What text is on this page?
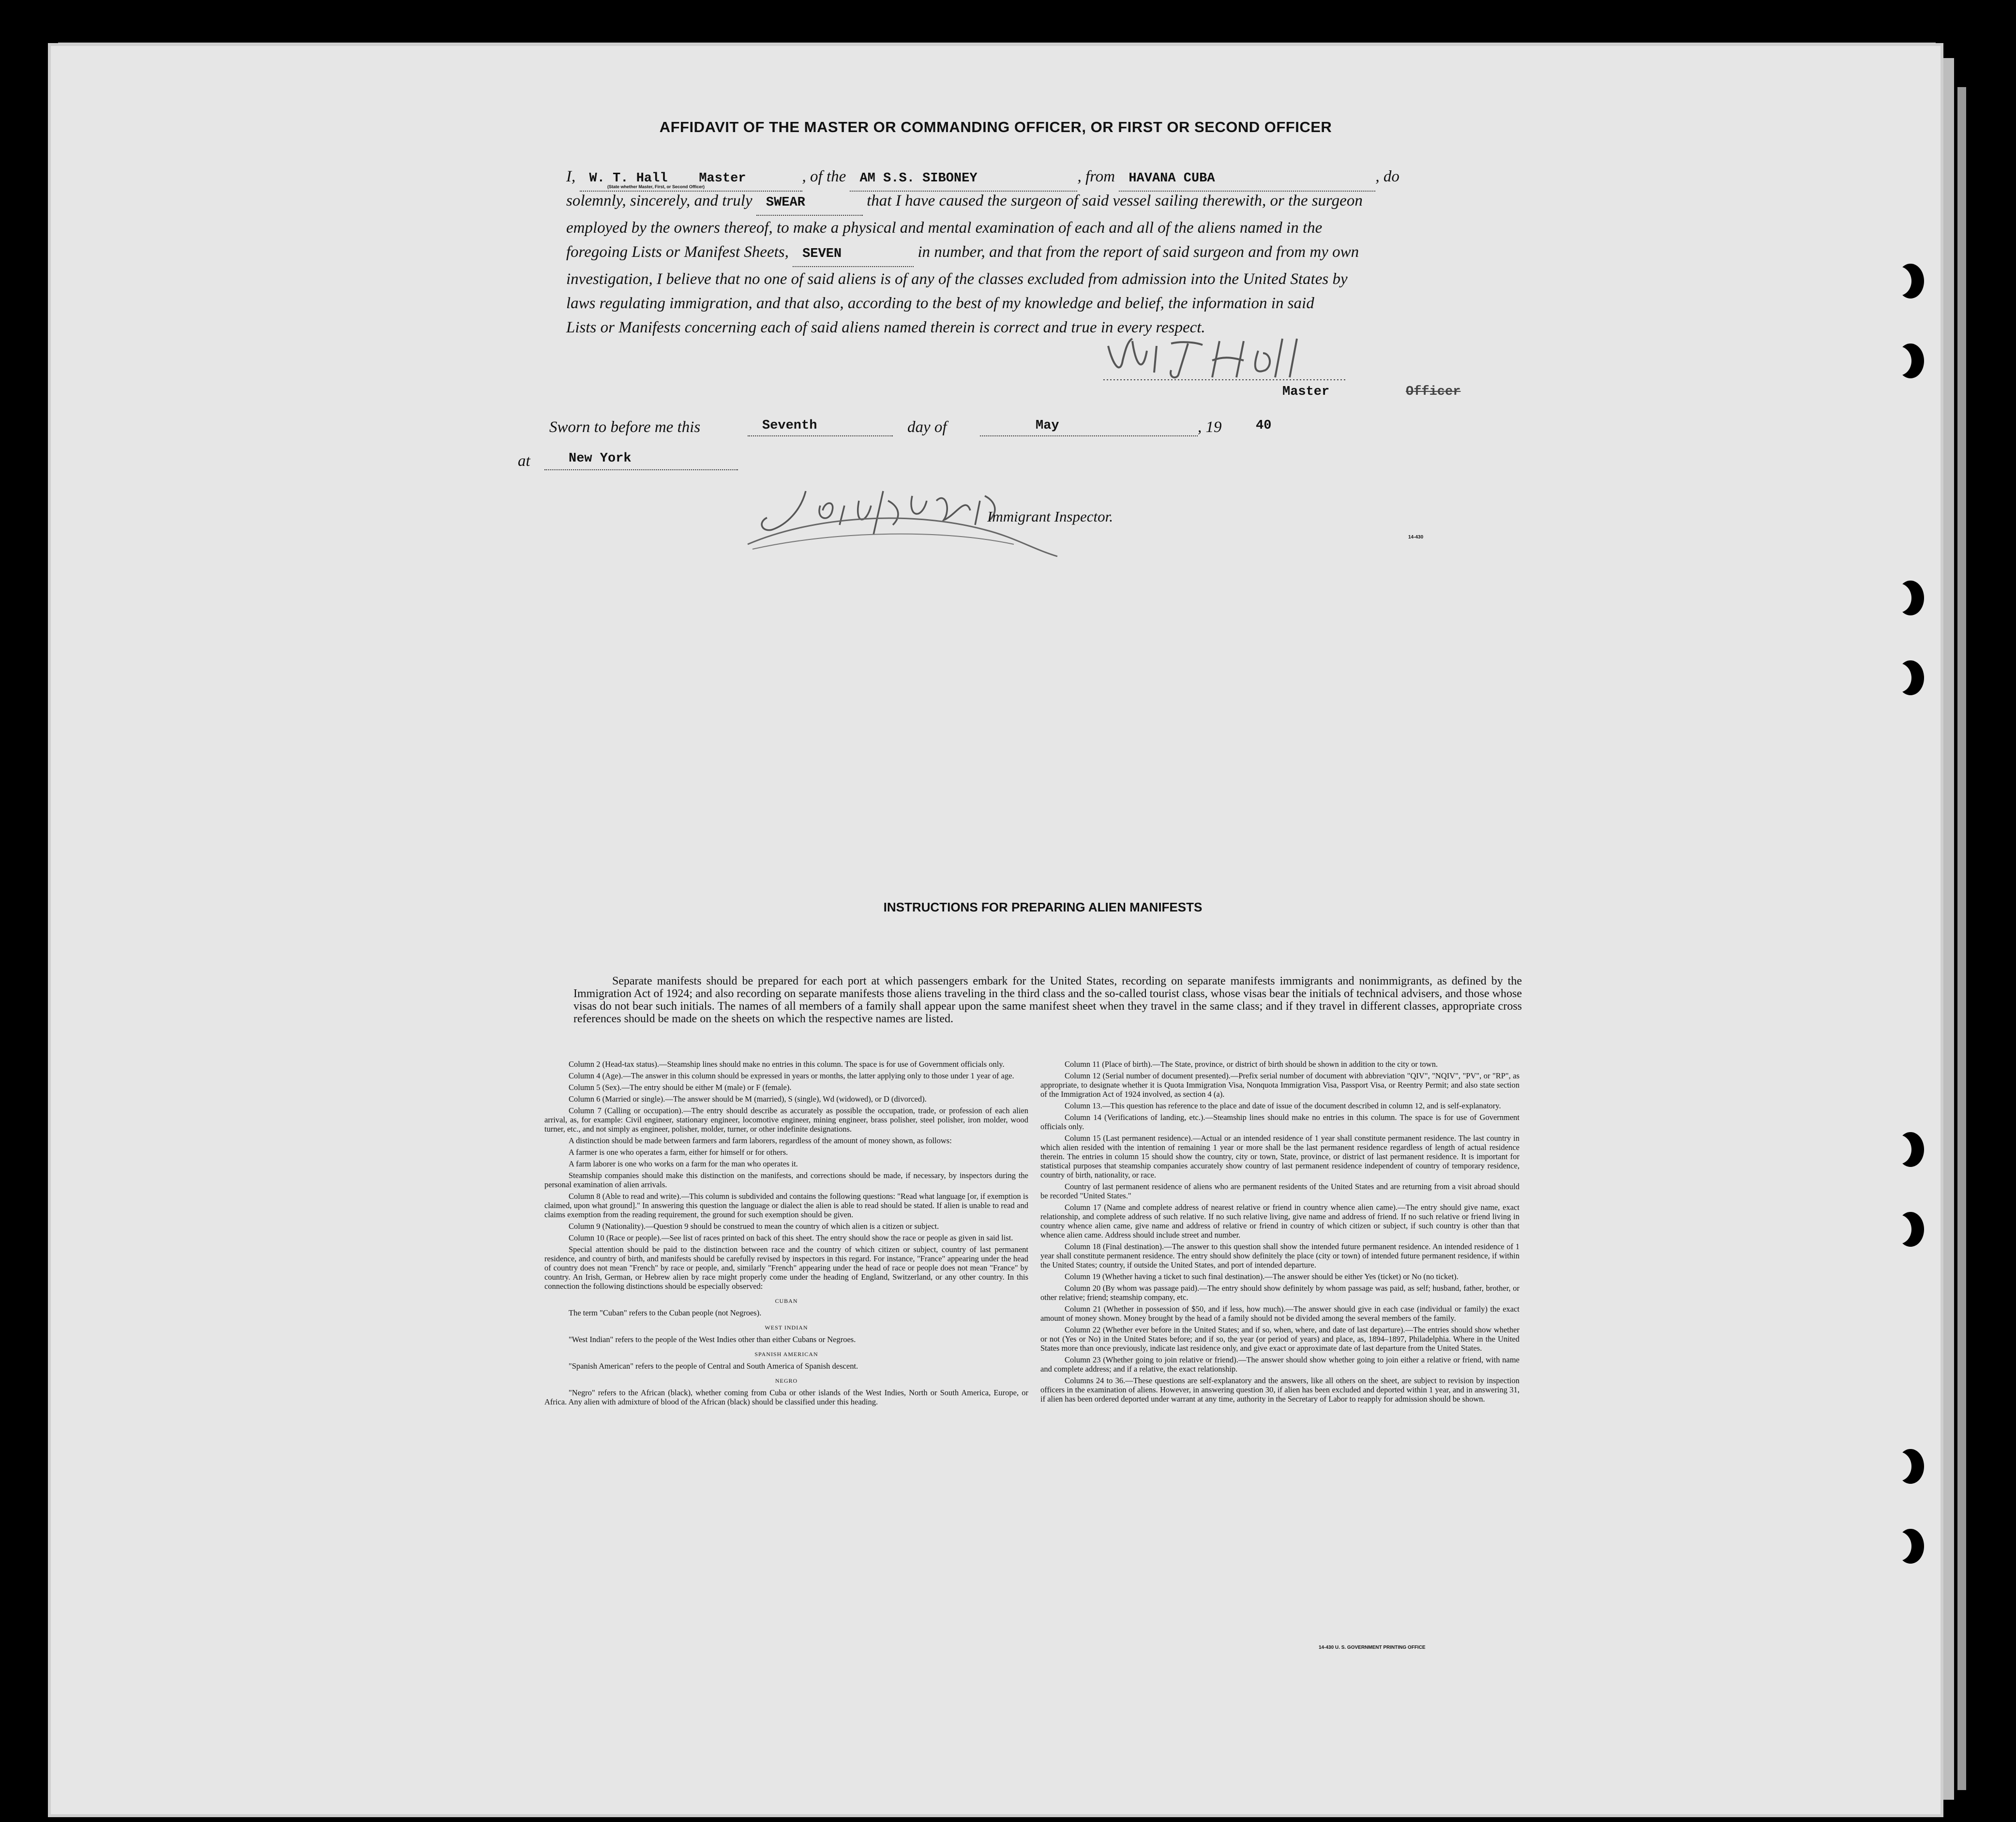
AFFIDAVIT OF THE MASTER OR COMMANDING OFFICER, OR FIRST OR SECOND OFFICER

I, W. T. Hall Master	, of the AM S.S. SIBONEY	, from HAVANA CUBA	, do

solemnly, sincerely, and truly SWEAR	that I have caused the surgeon of said vessel sailing therewith, or the surgeon

employed by the owners thereof, to make a physical and mental examination of each and all of the aliens named in the

foregoing Lists or Manifest Sheets, SEVEN	in number, and that from the report of said surgeon and from my own

investigation, I believe that no one of said aliens is of any of the classes excluded from admission into the United States by

laws regulating immigration, and that also, according to the best of my knowledge and belief, the information in said

Lists or Manifests concerning each of said aliens named therein is correct and true in every respect.

(State whether Master, First, or Second Officer)
Master	Officer
Sworn to before me this	Seventh	day of	May	, 19	40
at	New York
Immigrant Inspector.
14-430
INSTRUCTIONS FOR PREPARING ALIEN MANIFESTS

Separate manifests should be prepared for each port at which passengers embark for the United States, recording on separate manifests immigrants and nonimmigrants, as defined by the Immigration Act of 1924; and also recording on separate manifests those aliens traveling in the third class and the so-called tourist class, whose visas bear the initials of technical advisers, and those whose visas do not bear such initials. The names of all members of a family shall appear upon the same manifest sheet when they travel in the same class; and if they travel in different classes, appropriate cross references should be made on the sheets on which the respective names are listed.

Column 2 (Head-tax status).—Steamship lines should make no entries in this column. The space is for use of Government officials only.

Column 4 (Age).—The answer in this column should be expressed in years or months, the latter applying only to those under 1 year of age.

Column 5 (Sex).—The entry should be either M (male) or F (female).

Column 6 (Married or single).—The answer should be M (married), S (single), Wd (widowed), or D (divorced).

Column 7 (Calling or occupation).—The entry should describe as accurately as possible the occupation, trade, or profession of each alien arrival, as, for example: Civil engineer, stationary engineer, locomotive engineer, mining engineer, brass polisher, steel polisher, iron molder, wood turner, etc., and not simply as engineer, polisher, molder, turner, or other indefinite designations.

A distinction should be made between farmers and farm laborers, regardless of the amount of money shown, as follows:

A farmer is one who operates a farm, either for himself or for others.

A farm laborer is one who works on a farm for the man who operates it.

Steamship companies should make this distinction on the manifests, and corrections should be made, if necessary, by inspectors during the personal examination of alien arrivals.

Column 8 (Able to read and write).—This column is subdivided and contains the following questions: "Read what language [or, if exemption is claimed, upon what ground]." In answering this question the language or dialect the alien is able to read should be stated. If alien is unable to read and claims exemption from the reading requirement, the ground for such exemption should be given.

Column 9 (Nationality).—Question 9 should be construed to mean the country of which alien is a citizen or subject.

Column 10 (Race or people).—See list of races printed on back of this sheet. The entry should show the race or people as given in said list.

Special attention should be paid to the distinction between race and the country of which citizen or subject, country of last permanent residence, and country of birth, and manifests should be carefully revised by inspectors in this regard. For instance, "France" appearing under the head of country does not mean "French" by race or people, and, similarly "French" appearing under the head of race or people does not mean "France" by country. An Irish, German, or Hebrew alien by race might properly come under the heading of England, Switzerland, or any other country. In this connection the following distinctions should be especially observed:

CUBAN

The term "Cuban" refers to the Cuban people (not Negroes).

WEST INDIAN

"West Indian" refers to the people of the West Indies other than either Cubans or Negroes.

SPANISH AMERICAN

"Spanish American" refers to the people of Central and South America of Spanish descent.

NEGRO

"Negro" refers to the African (black), whether coming from Cuba or other islands of the West Indies, North or South America, Europe, or Africa. Any alien with admixture of blood of the African (black) should be classified under this heading.

Column 11 (Place of birth).—The State, province, or district of birth should be shown in addition to the city or town.

Column 12 (Serial number of document presented).—Prefix serial number of document with abbreviation "QIV", "NQIV", "PV", or "RP", as appropriate, to designate whether it is Quota Immigration Visa, Nonquota Immigration Visa, Passport Visa, or Reentry Permit; and also state section of the Immigration Act of 1924 involved, as section 4 (a).

Column 13.—This question has reference to the place and date of issue of the document described in column 12, and is self-explanatory.

Column 14 (Verifications of landing, etc.).—Steamship lines should make no entries in this column. The space is for use of Government officials only.

Column 15 (Last permanent residence).—Actual or an intended residence of 1 year shall constitute permanent residence. The last country in which alien resided with the intention of remaining 1 year or more shall be the last permanent residence regardless of length of actual residence therein. The entries in column 15 should show the country, city or town, State, province, or district of last permanent residence. It is important for statistical purposes that steamship companies accurately show country of last permanent residence independent of country of temporary residence, country of birth, nationality, or race.

Country of last permanent residence of aliens who are permanent residents of the United States and are returning from a visit abroad should be recorded "United States."

Column 17 (Name and complete address of nearest relative or friend in country whence alien came).—The entry should give name, exact relationship, and complete address of such relative. If no such relative living, give name and address of friend. If no such relative or friend living in country whence alien came, give name and address of relative or friend in country of which citizen or subject, if such country is other than that whence alien came. Address should include street and number.

Column 18 (Final destination).—The answer to this question shall show the intended future permanent residence. An intended residence of 1 year shall constitute permanent residence. The entry should show definitely the place (city or town) of intended future permanent residence, if within the United States; country, if outside the United States, and port of intended departure.

Column 19 (Whether having a ticket to such final destination).—The answer should be either Yes (ticket) or No (no ticket).

Column 20 (By whom was passage paid).—The entry should show definitely by whom passage was paid, as self; husband, father, brother, or other relative; friend; steamship company, etc.

Column 21 (Whether in possession of $50, and if less, how much).—The answer should give in each case (individual or family) the exact amount of money shown. Money brought by the head of a family should not be divided among the several members of the family.

Column 22 (Whether ever before in the United States; and if so, when, where, and date of last departure).—The entries should show whether or not (Yes or No) in the United States before; and if so, the year (or period of years) and place, as, 1894–1897, Philadelphia. Where in the United States more than once previously, indicate last residence only, and give exact or approximate date of last departure from the United States.

Column 23 (Whether going to join relative or friend).—The answer should show whether going to join either a relative or friend, with name and complete address; and if a relative, the exact relationship.

Columns 24 to 36.—These questions are self-explanatory and the answers, like all others on the sheet, are subject to revision by inspection officers in the examination of aliens. However, in answering question 30, if alien has been excluded and deported within 1 year, and in answering 31, if alien has been ordered deported under warrant at any time, authority in the Secretary of Labor to reapply for admission should be shown.

14-430 U. S. GOVERNMENT PRINTING OFFICE
